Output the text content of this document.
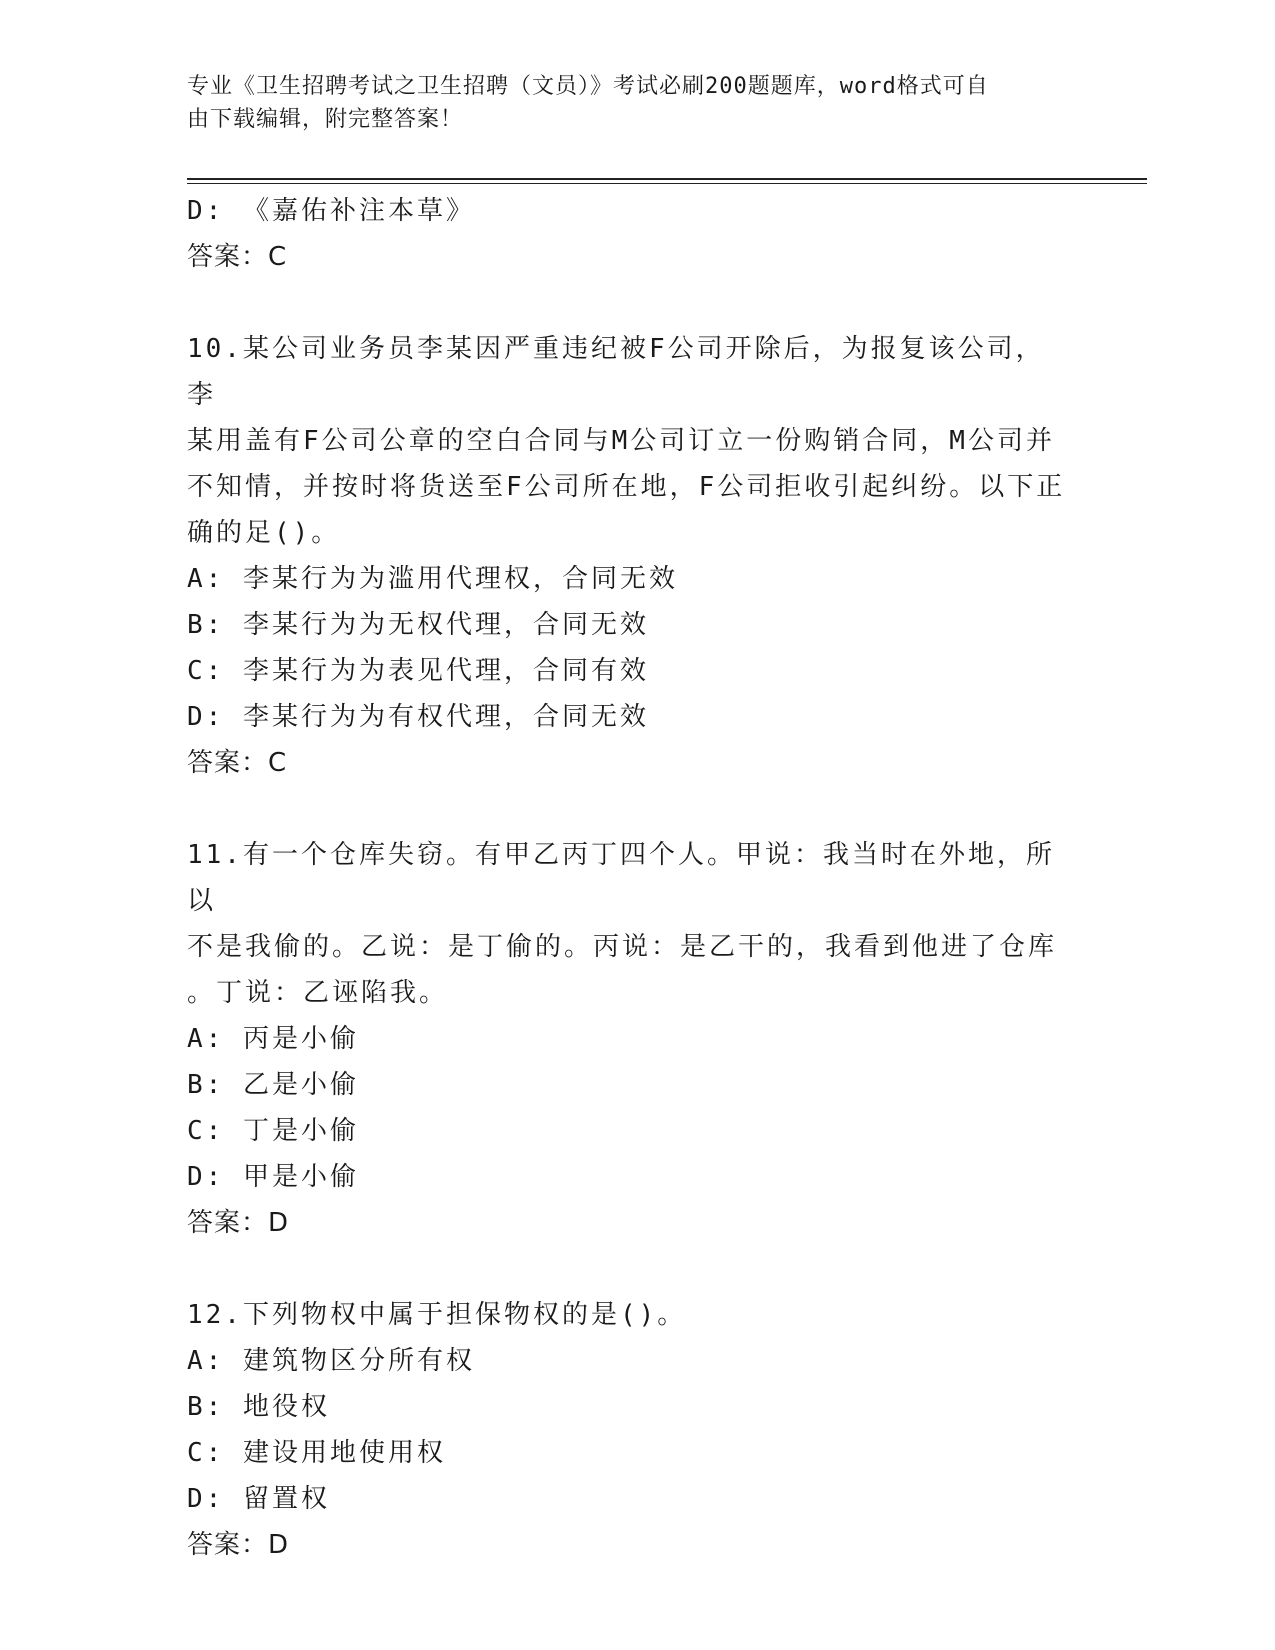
专业《卫生招聘考试之卫生招聘（文员）》考试必刷200题题库，word格式可自
由下载编辑，附完整答案！
D: 《嘉佑补注本草》
答案：C
10.某公司业务员李某因严重违纪被F公司开除后，为报复该公司，李
某用盖有F公司公章的空白合同与M公司订立一份购销合同，M公司并
不知情，并按时将货送至F公司所在地，F公司拒收引起纠纷。以下正
确的足()。
A: 李某行为为滥用代理权，合同无效
B: 李某行为为无权代理，合同无效
C: 李某行为为表见代理，合同有效
D: 李某行为为有权代理，合同无效
答案：C
11.有一个仓库失窃。有甲乙丙丁四个人。甲说：我当时在外地，所以
不是我偷的。乙说：是丁偷的。丙说：是乙干的，我看到他进了仓库
。丁说：乙诬陷我。
A: 丙是小偷
B: 乙是小偷
C: 丁是小偷
D: 甲是小偷
答案：D
12.下列物权中属于担保物权的是()。
A: 建筑物区分所有权
B: 地役权
C: 建设用地使用权
D: 留置权
答案：D
